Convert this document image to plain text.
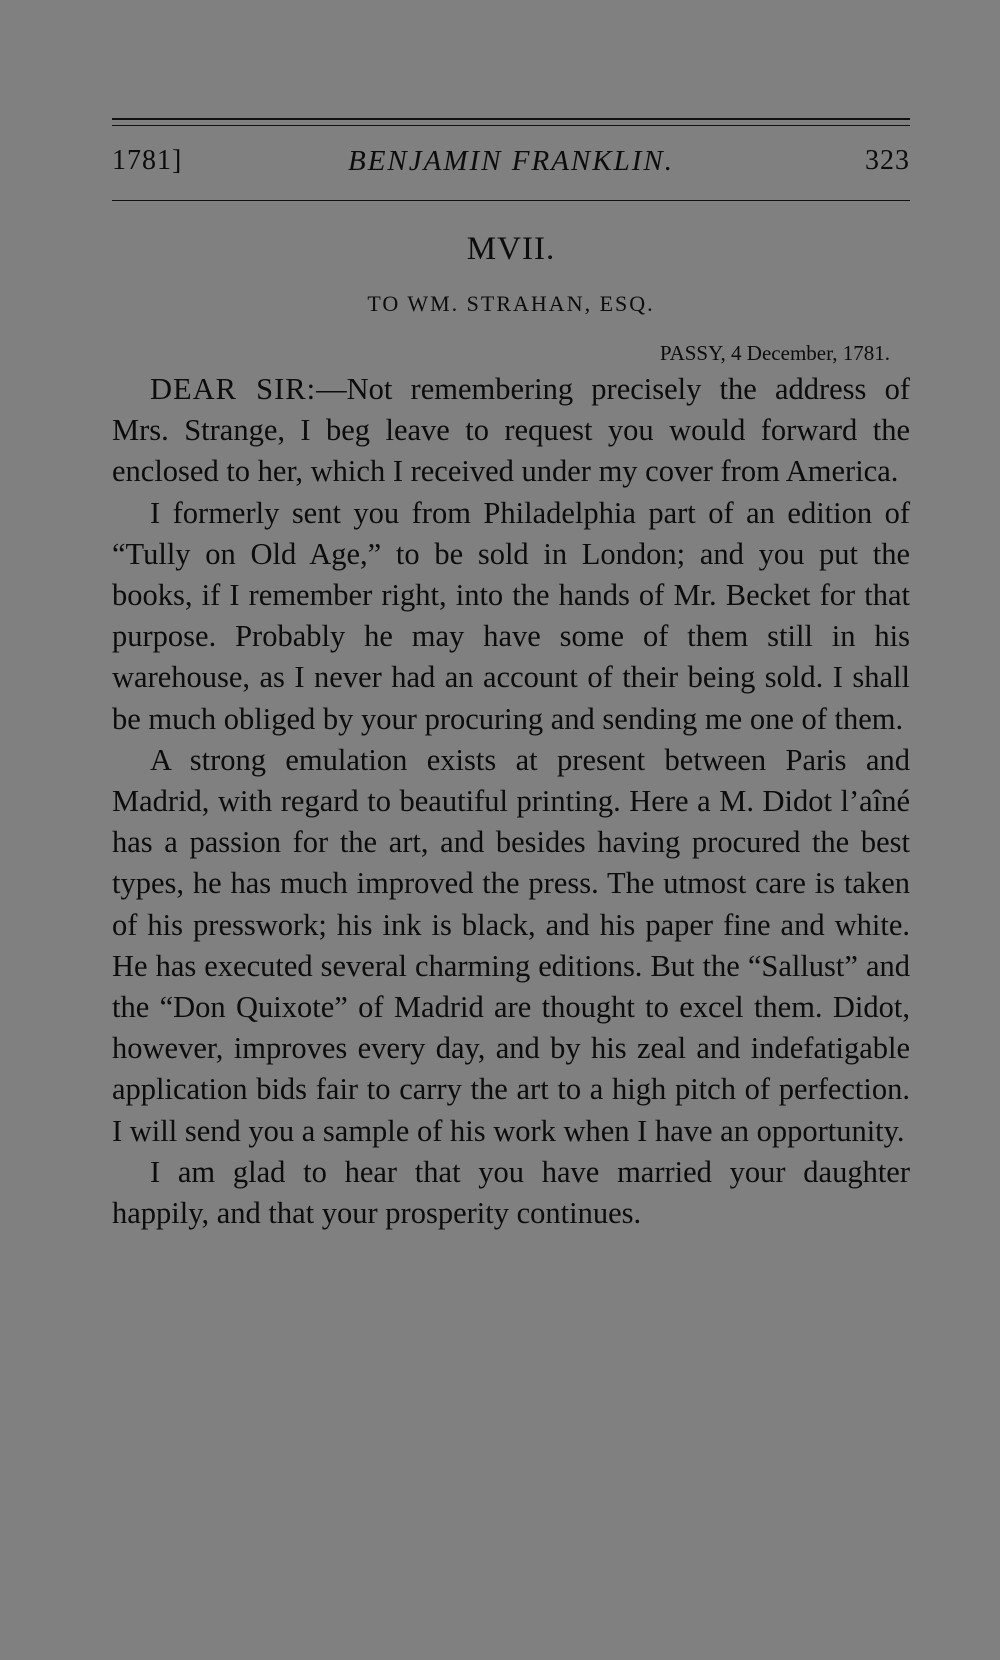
1781]	BENJAMIN FRANKLIN.	323
MVII.
TO WM. STRAHAN, ESQ.
PASSY, 4 December, 1781.

DEAR SIR:—Not remembering precisely the address of Mrs. Strange, I beg leave to request you would forward the enclosed to her, which I received under my cover from America.

I formerly sent you from Philadelphia part of an edition of “Tully on Old Age,” to be sold in London; and you put the books, if I remember right, into the hands of Mr. Becket for that purpose. Probably he may have some of them still in his warehouse, as I never had an account of their being sold. I shall be much obliged by your procuring and sending me one of them.

A strong emulation exists at present between Paris and Madrid, with regard to beautiful printing. Here a M. Didot l’aîné has a passion for the art, and besides having procured the best types, he has much improved the press. The utmost care is taken of his presswork; his ink is black, and his paper fine and white. He has executed several charming editions. But the “Sallust” and the “Don Quixote” of Madrid are thought to excel them. Didot, however, improves every day, and by his zeal and indefatigable application bids fair to carry the art to a high pitch of perfection. I will send you a sample of his work when I have an opportunity.

I am glad to hear that you have married your daughter happily, and that your prosperity continues.
